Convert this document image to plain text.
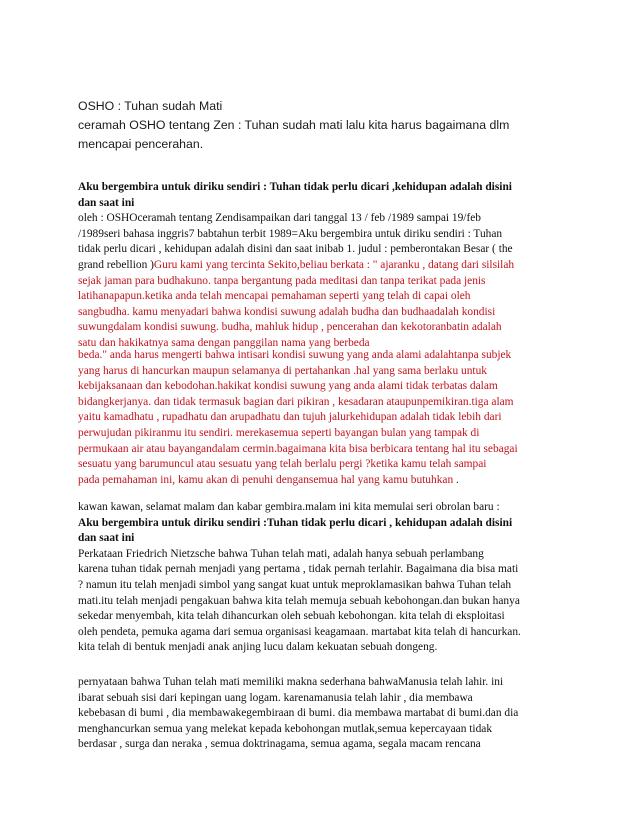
OSHO : Tuhan sudah Mati
ceramah OSHO tentang Zen : Tuhan sudah mati lalu kita harus bagaimana dlm
mencapai pencerahan.
Aku bergembira untuk diriku sendiri : Tuhan tidak perlu dicari ,kehidupan adalah disini
dan saat ini
oleh : OSHOceramah tentang Zendisampaikan dari tanggal 13 / feb /1989 sampai 19/feb
/1989seri bahasa inggris7 babtahun terbit 1989=Aku bergembira untuk diriku sendiri : Tuhan
tidak perlu dicari , kehidupan adalah disini dan saat inibab 1. judul : pemberontakan Besar ( the
grand rebellion )Guru kami yang tercinta Sekito,beliau berkata : " ajaranku , datang dari silsilah
sejak jaman para budhakuno. tanpa bergantung pada meditasi dan tanpa terikat pada jenis
latihanapapun.ketika anda telah mencapai pemahaman seperti yang telah di capai oleh
sangbudha. kamu menyadari bahwa kondisi suwung adalah budha dan budhaadalah kondisi
suwungdalam kondisi suwung. budha, mahluk hidup , pencerahan dan kekotoranbatin adalah
satu dan hakikatnya sama dengan panggilan nama yang berbeda
beda." anda harus mengerti bahwa intisari kondisi suwung yang anda alami adalahtanpa subjek
yang harus di hancurkan maupun selamanya di pertahankan .hal yang sama berlaku untuk
kebijaksanaan dan kebodohan.hakikat kondisi suwung yang anda alami tidak terbatas dalam
bidangkerjanya. dan tidak termasuk bagian dari pikiran , kesadaran ataupunpemikiran.tiga alam
yaitu kamadhatu , rupadhatu dan arupadhatu dan tujuh jalurkehidupan adalah tidak lebih dari
perwujudan pikiranmu itu sendiri. merekasemua seperti bayangan bulan yang tampak di
permukaan air atau bayangandalam cermin.bagaimana kita bisa berbicara tentang hal itu sebagai
sesuatu yang barumuncul atau sesuatu yang telah berlalu pergi ?ketika kamu telah sampai
pada pemahaman ini, kamu akan di penuhi dengansemua hal yang kamu butuhkan .
kawan kawan, selamat malam dan kabar gembira.malam ini kita memulai seri obrolan baru :
Aku bergembira untuk diriku sendiri :Tuhan tidak perlu dicari , kehidupan adalah disini
dan saat ini
Perkataan Friedrich Nietzsche bahwa Tuhan telah mati, adalah hanya sebuah perlambang
karena tuhan tidak pernah menjadi yang pertama , tidak pernah terlahir. Bagaimana dia bisa mati
? namun itu telah menjadi simbol yang sangat kuat untuk meproklamasikan bahwa Tuhan telah
mati.itu telah menjadi pengakuan bahwa kita telah memuja sebuah kebohongan.dan bukan hanya
sekedar menyembah, kita telah dihancurkan oleh sebuah kebohongan. kita telah di eksploitasi
oleh pendeta, pemuka agama dari semua organisasi keagamaan. martabat kita telah di hancurkan.
kita telah di bentuk menjadi anak anjing lucu dalam kekuatan sebuah dongeng.
pernyataan bahwa Tuhan telah mati memiliki makna sederhana bahwaManusia telah lahir. ini
ibarat sebuah sisi dari kepingan uang logam. karenamanusia telah lahir , dia membawa
kebebasan di bumi , dia membawakegembiraan di bumi. dia membawa martabat di bumi.dan dia
menghancurkan semua yang melekat kepada kebohongan mutlak,semua kepercayaan tidak
berdasar , surga dan neraka , semua doktrinagama, semua agama, segala macam rencana
